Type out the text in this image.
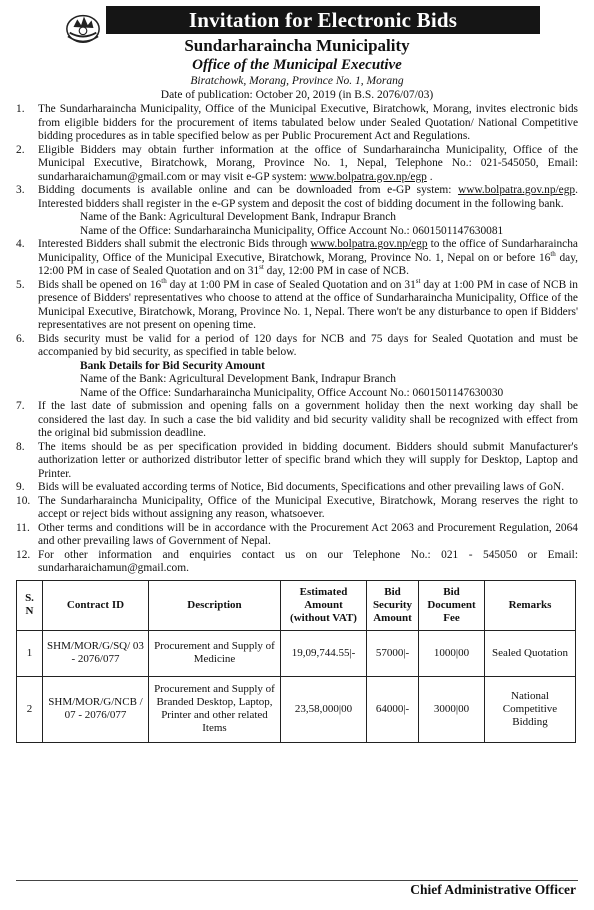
Invitation for Electronic Bids
Sundarharaincha Municipality
Office of the Municipal Executive
Biratchowk, Morang, Province No. 1, Morang
Date of publication: October 20, 2019 (in B.S. 2076/07/03)
1.	The Sundarharaincha Municipality, Office of the Municipal Executive, Biratchowk, Morang, invites electronic bids from eligible bidders for the procurement of items tabulated below under Sealed Quotation/ National Competitive bidding procedures as in table specified below as per Public Procurement Act and Regulations.
2.	Eligible Bidders may obtain further information at the office of Sundarharaincha Municipality, Office of the Municipal Executive, Biratchowk, Morang, Province No. 1, Nepal, Telephone No.: 021-545050, Email: sundarharaichamun@gmail.com or may visit e-GP system: www.bolpatra.gov.np/egp .
3.	Bidding documents is available online and can be downloaded from e-GP system: www.bolpatra.gov.np/egp. Interested bidders shall register in the e-GP system and deposit the cost of bidding document in the following bank.
Name of the Bank: Agricultural Development Bank, Indrapur Branch
Name of the Office: Sundarharaincha Municipality, Office Account No.: 0601501147630081
4.	Interested Bidders shall submit the electronic Bids through www.bolpatra.gov.np/egp to the office of Sundarharaincha Municipality, Office of the Municipal Executive, Biratchowk, Morang, Province No. 1, Nepal on or before 16th day, 12:00 PM in case of Sealed Quotation and on 31st day, 12:00 PM in case of NCB.
5.	Bids shall be opened on 16th day at 1:00 PM in case of Sealed Quotation and on 31st day at 1:00 PM in case of NCB in presence of Bidders' representatives who choose to attend at the office of Sundarharaincha Municipality, Office of the Municipal Executive, Biratchowk, Morang, Province No. 1, Nepal. There won't be any disturbance to open if Bidders' representatives are not present on opening time.
6.	Bids security must be valid for a period of 120 days for NCB and 75 days for Sealed Quotation and must be accompanied by bid security, as specified in table below.
Bank Details for Bid Security Amount
Name of the Bank: Agricultural Development Bank, Indrapur Branch
Name of the Office: Sundarharaincha Municipality, Office Account No.: 0601501147630030
7.	If the last date of submission and opening falls on a government holiday then the next working day shall be considered the last day. In such a case the bid validity and bid security validity shall be recognized with effect from the original bid submission deadline.
8.	The items should be as per specification provided in bidding document. Bidders should submit Manufacturer's authorization letter or authorized distributor letter of specific brand which they will supply for Desktop, Laptop and Printer.
9.	Bids will be evaluated according terms of Notice, Bid documents, Specifications and other prevailing laws of GoN.
10. The Sundarharaincha Municipality, Office of the Municipal Executive, Biratchowk, Morang reserves the right to accept or reject bids without assigning any reason, whatsoever.
11. Other terms and conditions will be in accordance with the Procurement Act 2063 and Procurement Regulation, 2064 and other prevailing laws of Government of Nepal.
12. For other information and enquiries contact us on our Telephone No.: 021 - 545050 or Email: sundarharaichamun@gmail.com.
S. N	Contract ID	Description	Estimated Amount (without VAT)	Bid Security Amount	Bid Document Fee	Remarks
1	SHM/MOR/G/SQ/ 03 - 2076/077	Procurement and Supply of Medicine	19,09,744.55|-	57000|-	1000|00	Sealed Quotation
2	SHM/MOR/G/NCB / 07 - 2076/077	Procurement and Supply of Branded Desktop, Laptop, Printer and other related Items	23,58,000|00	64000|-	3000|00	National Competitive Bidding
Chief Administrative Officer
